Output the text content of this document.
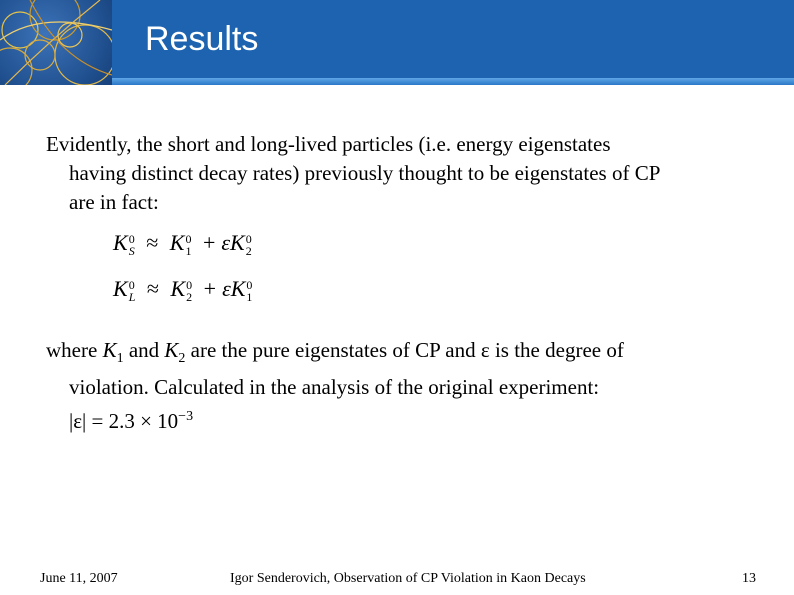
Results
Evidently, the short and long-lived particles (i.e. energy eigenstates
having distinct decay rates) previously thought to be eigenstates of CP
are in fact:
K 0
S ≈ K 0
1 + εK 0
2
K 0
L ≈ K 0
2 + εK 0
1
where $K_1$ and $K_2$ are the pure eigenstates of CP and ε is the degree of
violation. Calculated in the analysis of the original experiment:
$|\varepsilon| = 2.3 \times 10^{-3}$
June 11, 2007	Igor Senderovich, Observation of CP Violation in Kaon Decays	13
